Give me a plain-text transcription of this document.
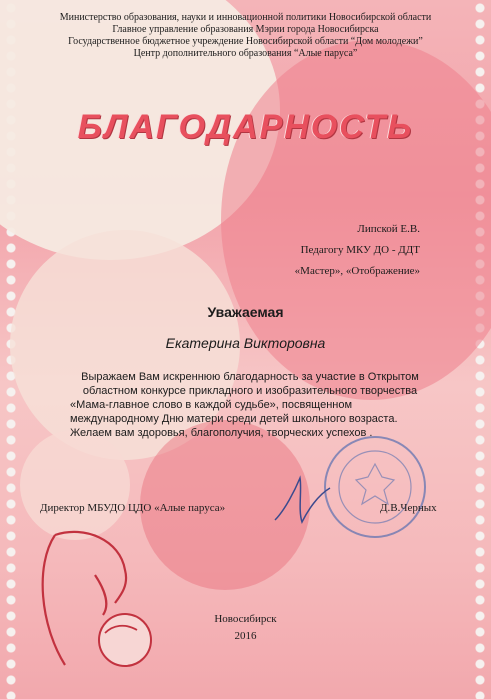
Министерство образования, науки и инновационной политики Новосибирской области
Главное управление образования Мэрии города Новосибирска
Государственное бюджетное учреждение Новосибирской области “Дом молодежи”
Центр дополнительного образования “Алые паруса”
БЛАГОДАРНОСТЬ
Липской Е.В.
Педагогу МКУ ДО - ДДТ
«Мастер», «Отображение»
Уважаемая
Екатерина Викторовна
Выражаем Вам искреннюю благодарность за участие в Открытом
областном конкурсе прикладного и изобразительного творчества
«Мама-главное слово в каждой судьбе», посвященном
международному Дню матери среди детей школьного возраста.
Желаем вам здоровья, благополучия, творческих успехов .
Директор МБУДО ЦДО «Алые паруса»	Д.В.Черных
Новосибирск
2016
